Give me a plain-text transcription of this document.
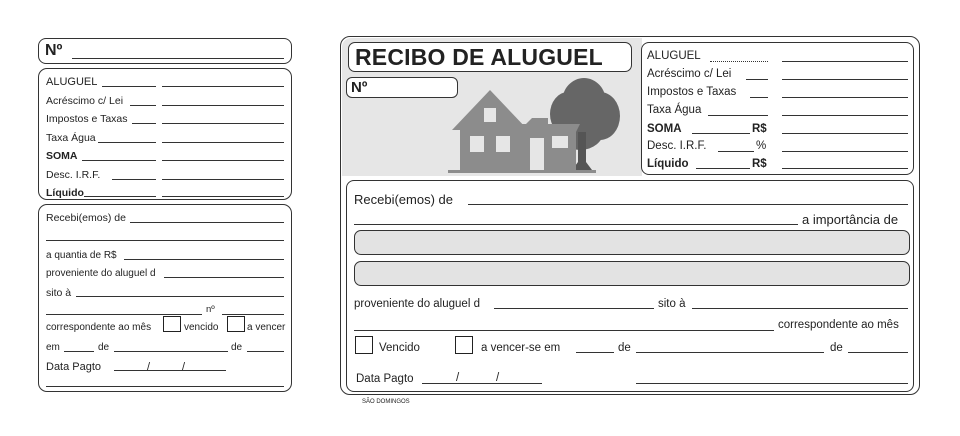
Nº
ALUGUEL
Acréscimo c/ Lei
Impostos e Taxas
Taxa Água
SOMA
Desc. I.R.F.
Líquido
Recebi(emos) de
a quantia de R$
proveniente do aluguel d
sito à
nº
correspondente ao mês	vencido	a vencer
em	de	de
Data Pagto	/	/
RECIBO DE ALUGUEL
Nº
ALUGUEL
Acréscimo c/ Lei
Impostos e Taxas
Taxa Água
SOMA	R$
Desc. I.R.F.	%
Líquido	R$
Recebi(emos) de
a importância de
proveniente do aluguel d	sito à
correspondente ao mês
Vencido	a vencer-se em	de	de
Data Pagto	/	/
SÃO DOMINGOS
